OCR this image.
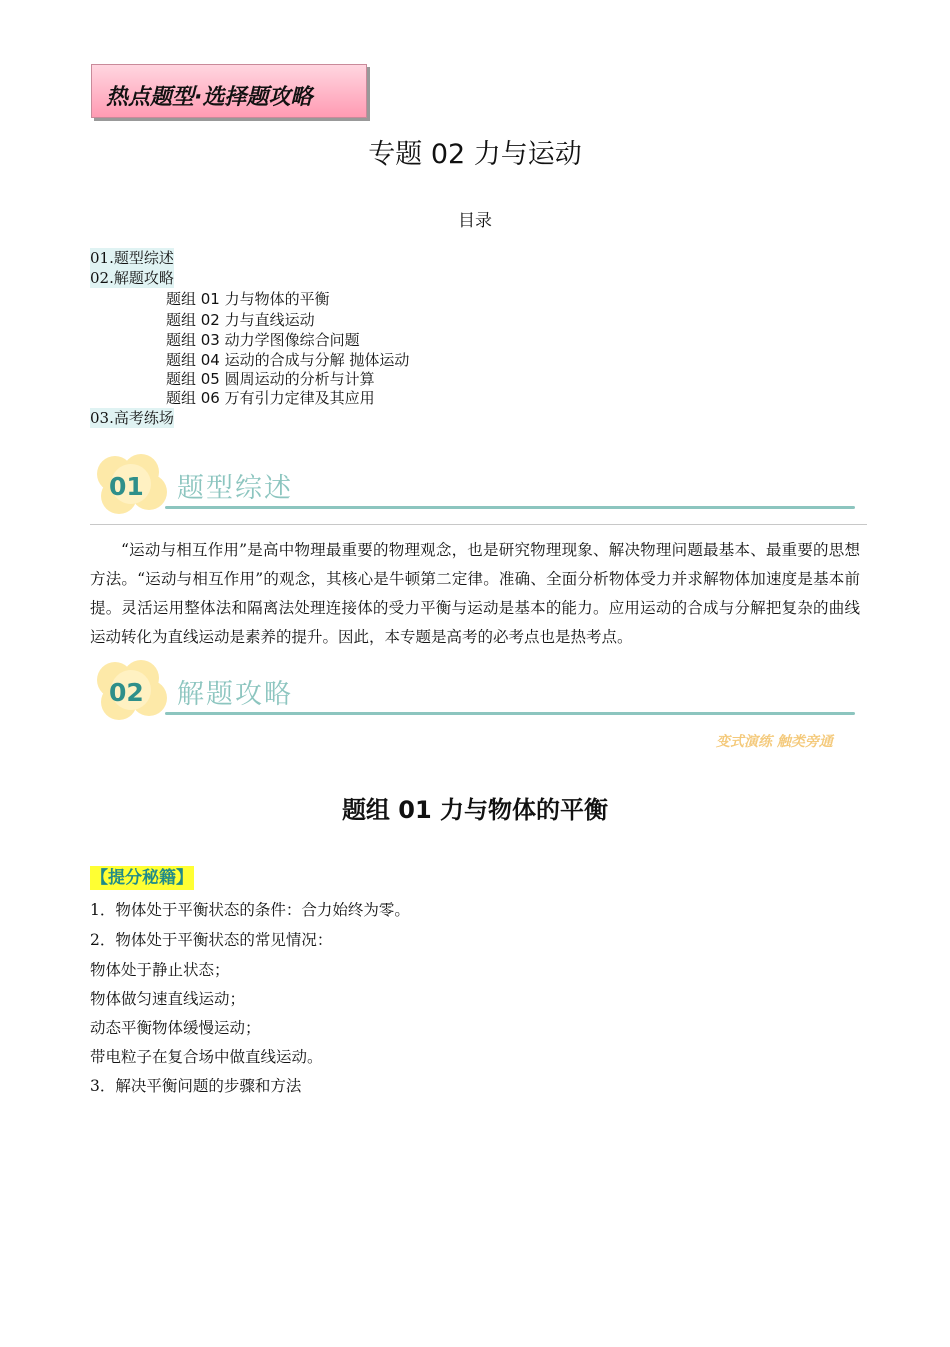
热点题型·选择题攻略
专题 02 力与运动
目录
01.题型综述
02.解题攻略
题组 01 力与物体的平衡
题组 02 力与直线运动
题组 03 动力学图像综合问题
题组 04 运动的合成与分解 抛体运动
题组 05 圆周运动的分析与计算
题组 06 万有引力定律及其应用
03.高考练场
01 题型综述
“运动与相互作用”是高中物理最重要的物理观念，也是研究物理现象、解决物理问题最基本、最重要的思想方法。“运动与相互作用”的观念，其核心是牛顿第二定律。准确、全面分析物体受力并求解物体加速度是基本前提。灵活运用整体法和隔离法处理连接体的受力平衡与运动是基本的能力。应用运动的合成与分解把复杂的曲线运动转化为直线运动是素养的提升。因此，本专题是高考的必考点也是热考点。
02 解题攻略
变式演练 触类旁通
题组 01 力与物体的平衡
【提分秘籍】
1．物体处于平衡状态的条件：合力始终为零。
2．物体处于平衡状态的常见情况：
物体处于静止状态；
物体做匀速直线运动；
动态平衡物体缓慢运动；
带电粒子在复合场中做直线运动。
3．解决平衡问题的步骤和方法
